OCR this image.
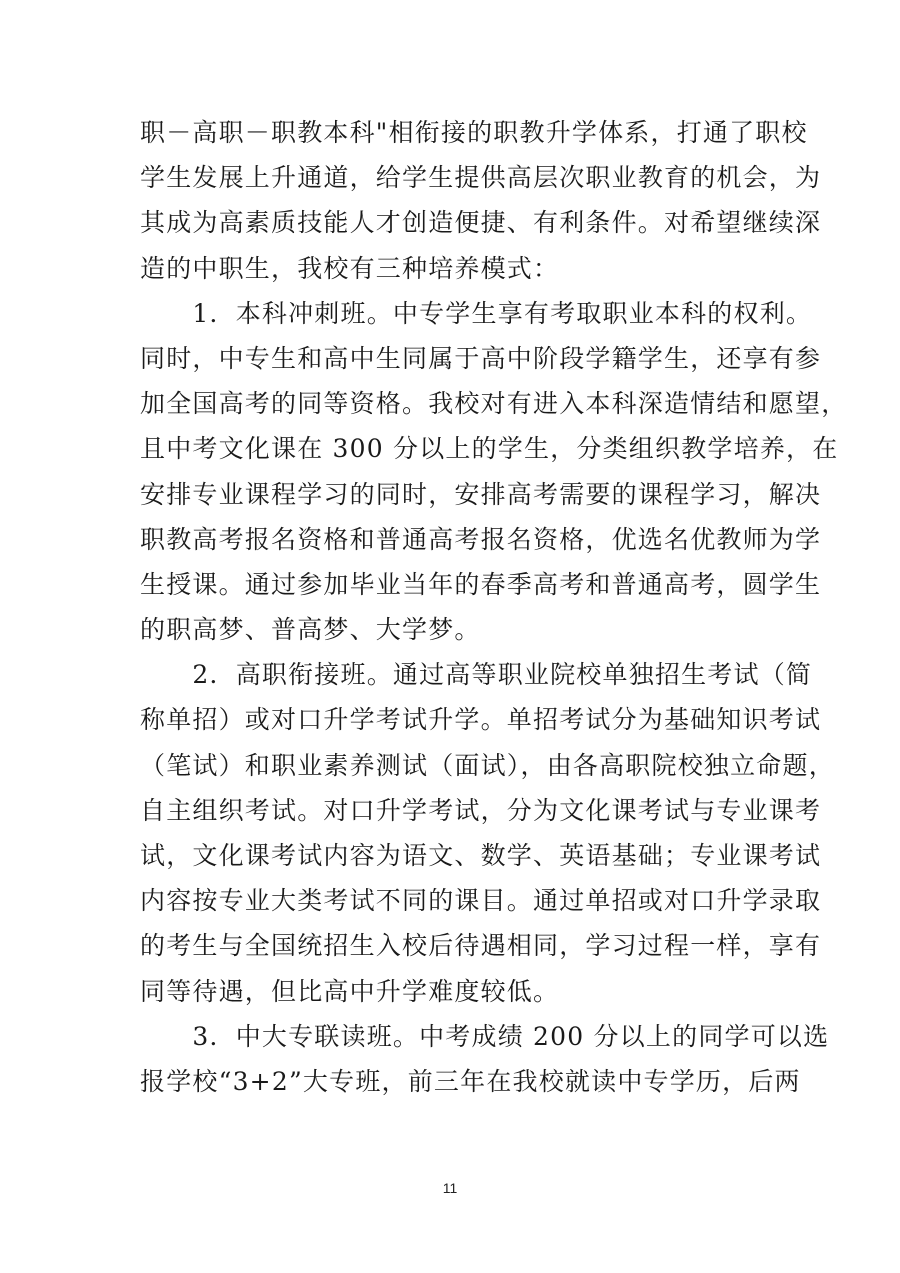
职－高职－职教本科"相衔接的职教升学体系，打通了职校

学生发展上升通道，给学生提供高层次职业教育的机会，为

其成为高素质技能人才创造便捷、有利条件。对希望继续深

造的中职生，我校有三种培养模式：

　　1．本科冲刺班。中专学生享有考取职业本科的权利。

同时，中专生和高中生同属于高中阶段学籍学生，还享有参

加全国高考的同等资格。我校对有进入本科深造情结和愿望，

且中考文化课在 300 分以上的学生，分类组织教学培养，在

安排专业课程学习的同时，安排高考需要的课程学习，解决

职教高考报名资格和普通高考报名资格，优选名优教师为学

生授课。通过参加毕业当年的春季高考和普通高考，圆学生

的职高梦、普高梦、大学梦。

　　2．高职衔接班。通过高等职业院校单独招生考试（简

称单招）或对口升学考试升学。单招考试分为基础知识考试

（笔试）和职业素养测试（面试），由各高职院校独立命题，

自主组织考试。对口升学考试，分为文化课考试与专业课考

试，文化课考试内容为语文、数学、英语基础；专业课考试

内容按专业大类考试不同的课目。通过单招或对口升学录取

的考生与全国统招生入校后待遇相同，学习过程一样，享有

同等待遇，但比高中升学难度较低。

　　3．中大专联读班。中考成绩 200 分以上的同学可以选

报学校“3+2”大专班，前三年在我校就读中专学历，后两

11
